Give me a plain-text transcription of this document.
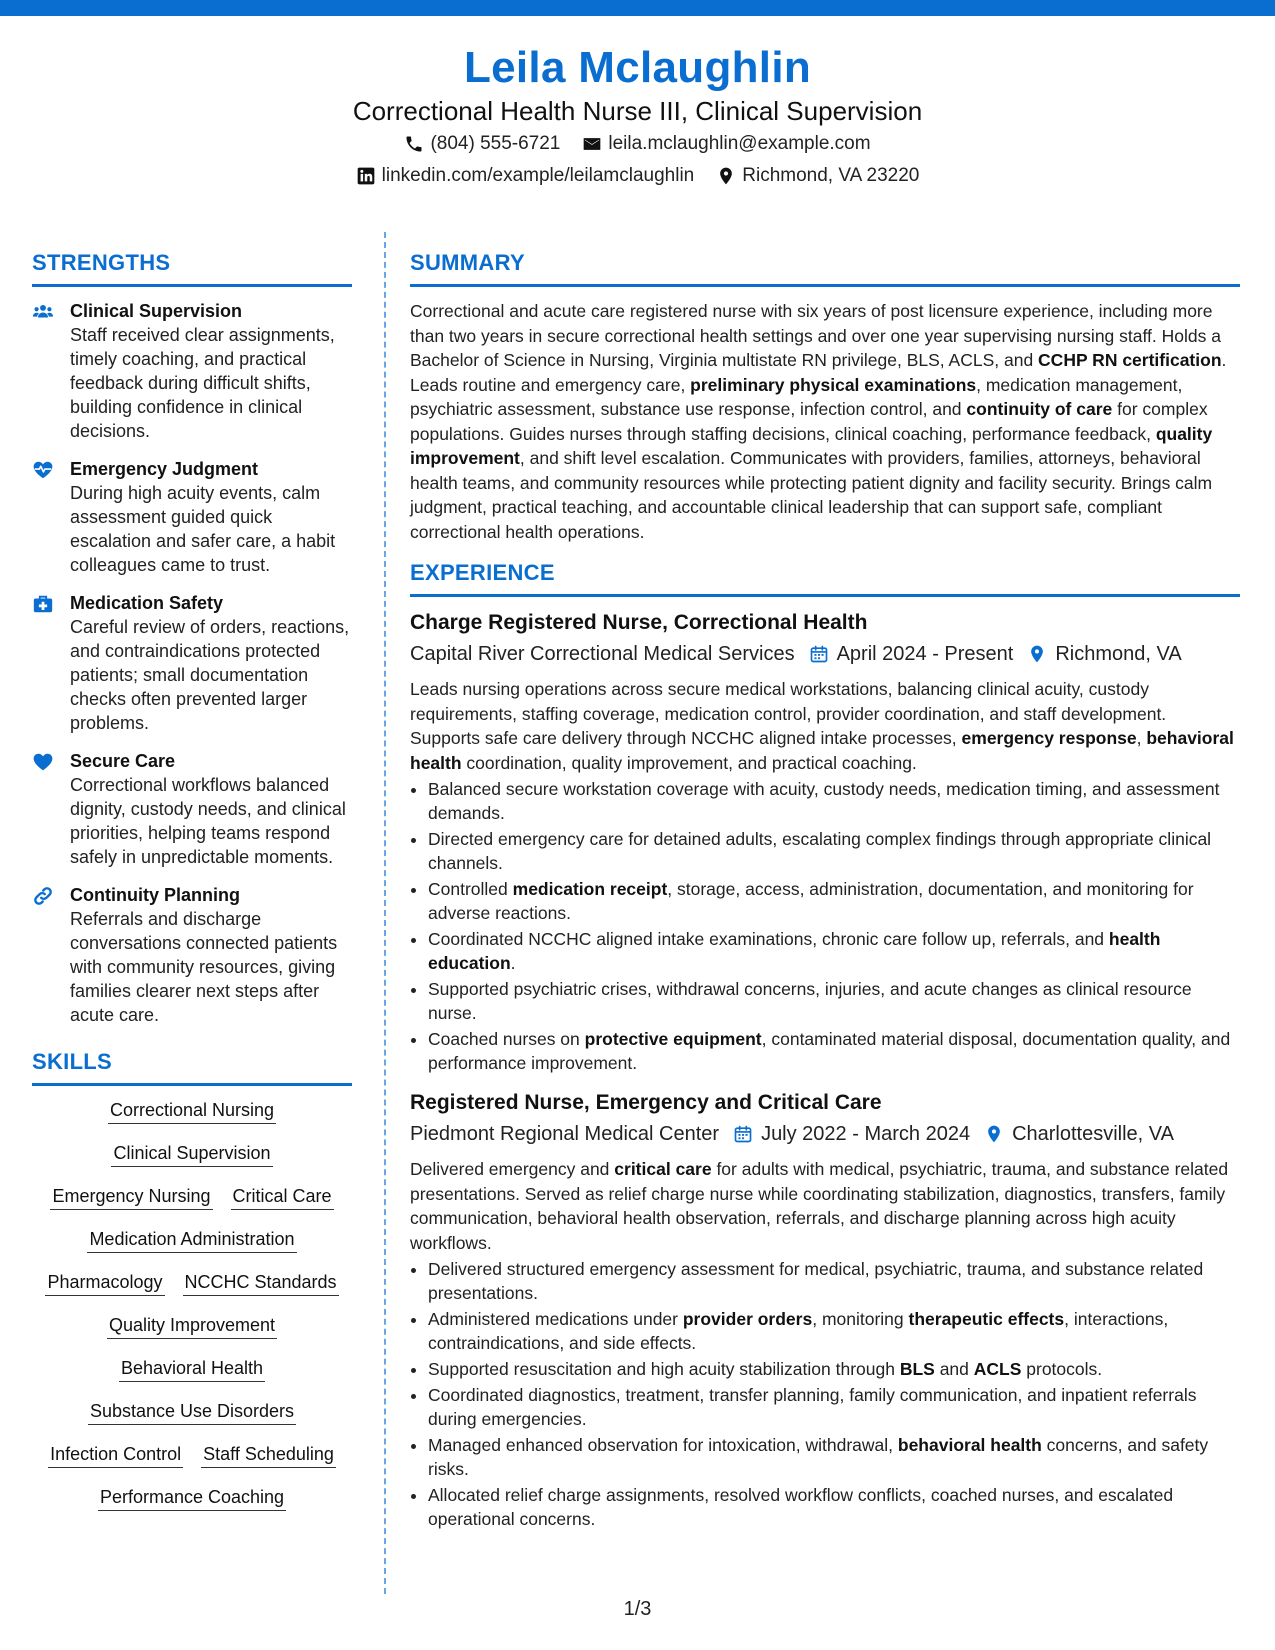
Leila Mclaughlin
Correctional Health Nurse III, Clinical Supervision
(804) 555-6721	leila.mclaughlin@example.com
linkedin.com/example/leilamclaughlin	Richmond, VA 23220
STRENGTHS
Clinical Supervision
Staff received clear assignments, timely coaching, and practical feedback during difficult shifts, building confidence in clinical decisions.
Emergency Judgment
During high acuity events, calm assessment guided quick escalation and safer care, a habit colleagues came to trust.
Medication Safety
Careful review of orders, reactions, and contraindications protected patients; small documentation checks often prevented larger problems.
Secure Care
Correctional workflows balanced dignity, custody needs, and clinical priorities, helping teams respond safely in unpredictable moments.
Continuity Planning
Referrals and discharge conversations connected patients with community resources, giving families clearer next steps after acute care.
SKILLS
Correctional Nursing
Clinical Supervision
Emergency Nursing Critical Care
Medication Administration
Pharmacology NCCHC Standards
Quality Improvement
Behavioral Health
Substance Use Disorders
Infection Control Staff Scheduling
Performance Coaching
SUMMARY

Correctional and acute care registered nurse with six years of post licensure experience, including more than two years in secure correctional health settings and over one year supervising nursing staff. Holds a Bachelor of Science in Nursing, Virginia multistate RN privilege, BLS, ACLS, and CCHP RN certification. Leads routine and emergency care, preliminary physical examinations, medication management, psychiatric assessment, substance use response, infection control, and continuity of care for complex populations. Guides nurses through staffing decisions, clinical coaching, performance feedback, quality improvement, and shift level escalation. Communicates with providers, families, attorneys, behavioral health teams, and community resources while protecting patient dignity and facility security. Brings calm judgment, practical teaching, and accountable clinical leadership that can support safe, compliant correctional health operations.

EXPERIENCE
Charge Registered Nurse, Correctional Health
Capital River Correctional Medical Services April 2024 - Present Richmond, VA

Leads nursing operations across secure medical workstations, balancing clinical acuity, custody requirements, staffing coverage, medication control, provider coordination, and staff development. Supports safe care delivery through NCCHC aligned intake processes, emergency response, behavioral health coordination, quality improvement, and practical coaching.

• Balanced secure workstation coverage with acuity, custody needs, medication timing, and assessment demands.
• Directed emergency care for detained adults, escalating complex findings through appropriate clinical channels.
• Controlled medication receipt, storage, access, administration, documentation, and monitoring for adverse reactions.
• Coordinated NCCHC aligned intake examinations, chronic care follow up, referrals, and health education.
• Supported psychiatric crises, withdrawal concerns, injuries, and acute changes as clinical resource nurse.
• Coached nurses on protective equipment, contaminated material disposal, documentation quality, and performance improvement.
Registered Nurse, Emergency and Critical Care
Piedmont Regional Medical Center July 2022 - March 2024 Charlottesville, VA

Delivered emergency and critical care for adults with medical, psychiatric, trauma, and substance related presentations. Served as relief charge nurse while coordinating stabilization, diagnostics, transfers, family communication, behavioral health observation, referrals, and discharge planning across high acuity workflows.

• Delivered structured emergency assessment for medical, psychiatric, trauma, and substance related presentations.
• Administered medications under provider orders, monitoring therapeutic effects, interactions, contraindications, and side effects.
• Supported resuscitation and high acuity stabilization through BLS and ACLS protocols.
• Coordinated diagnostics, treatment, transfer planning, family communication, and inpatient referrals during emergencies.
• Managed enhanced observation for intoxication, withdrawal, behavioral health concerns, and safety risks.
• Allocated relief charge assignments, resolved workflow conflicts, coached nurses, and escalated operational concerns.
1/3
